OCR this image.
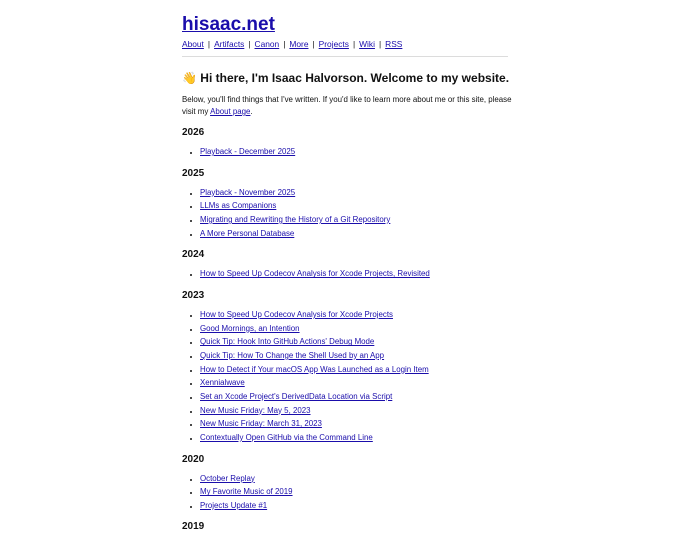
hisaac.net
About | Artifacts | Canon | More | Projects | Wiki | RSS
👋 Hi there, I'm Isaac Halvorson. Welcome to my website.

Below, you'll find things that I've written. If you'd like to learn more about me or this site, please visit my About page.

2026
• Playback - December 2025
2025
• Playback - November 2025
• LLMs as Companions
• Migrating and Rewriting the History of a Git Repository
• A More Personal Database
2024
• How to Speed Up Codecov Analysis for Xcode Projects, Revisited
2023
• How to Speed Up Codecov Analysis for Xcode Projects
• Good Mornings, an Intention
• Quick Tip: Hook Into GitHub Actions' Debug Mode
• Quick Tip: How To Change the Shell Used by an App
• How to Detect if Your macOS App Was Launched as a Login Item
• Xennialwave
• Set an Xcode Project's DerivedData Location via Script
• New Music Friday: May 5, 2023
• New Music Friday: March 31, 2023
• Contextually Open GitHub via the Command Line
2020
• October Replay
• My Favorite Music of 2019
• Projects Update #1
2019
